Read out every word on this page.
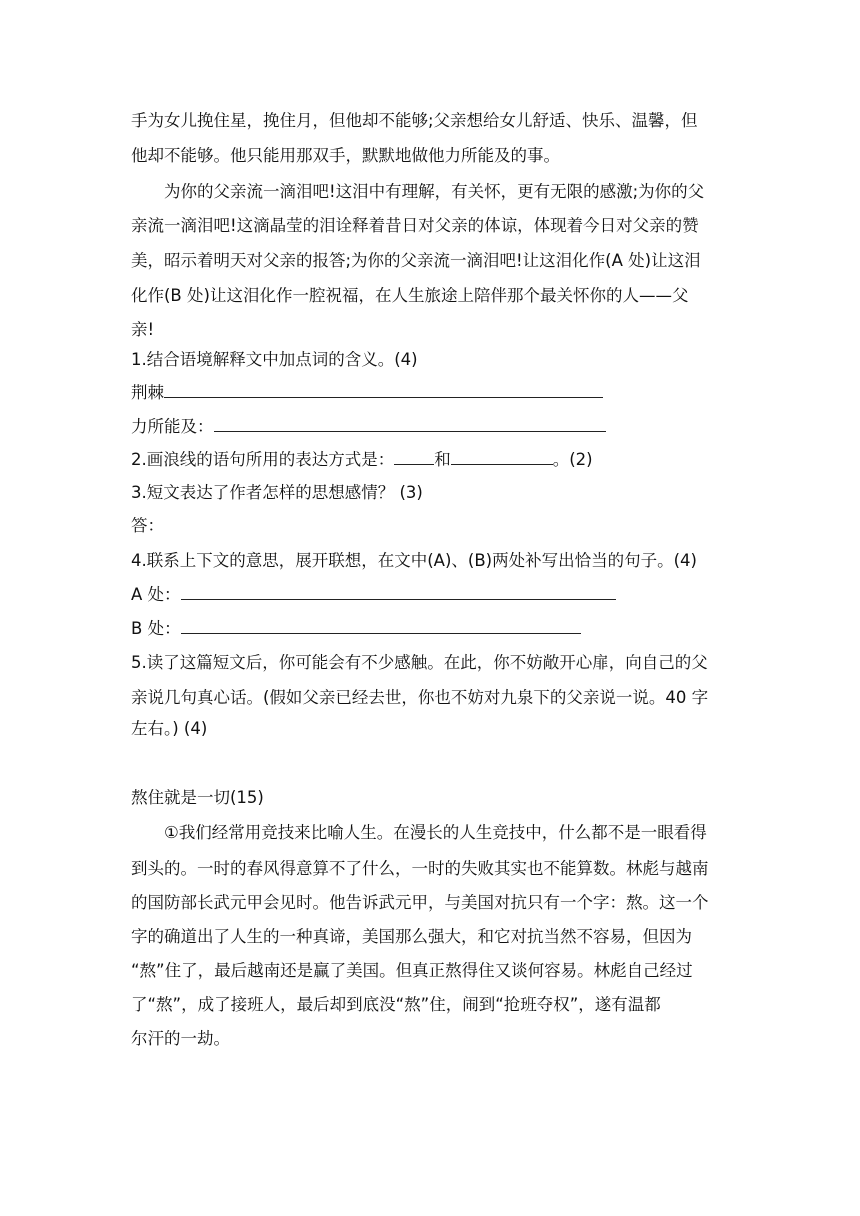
手为女儿挽住星，挽住月，但他却不能够;父亲想给女儿舒适、快乐、温馨，但
他却不能够。他只能用那双手，默默地做他力所能及的事。
为你的父亲流一滴泪吧!这泪中有理解，有关怀，更有无限的感激;为你的父
亲流一滴泪吧!这滴晶莹的泪诠释着昔日对父亲的体谅，体现着今日对父亲的赞
美，昭示着明天对父亲的报答;为你的父亲流一滴泪吧!让这泪化作(A 处)让这泪
化作(B 处)让这泪化作一腔祝福，在人生旅途上陪伴那个最关怀你的人——父
亲!
1.结合语境解释文中加点词的含义。(4)
荆棘
力所能及：
2.画浪线的语句所用的表达方式是： 和	。(2)
3.短文表达了作者怎样的思想感情？ (3)
答：
4.联系上下文的意思，展开联想，在文中(A)、(B)两处补写出恰当的句子。(4)
A 处：
B 处：
5.读了这篇短文后，你可能会有不少感触。在此，你不妨敞开心扉，向自己的父
亲说几句真心话。(假如父亲已经去世，你也不妨对九泉下的父亲说一说。40 字
左右。) (4)
熬住就是一切(15)
①我们经常用竞技来比喻人生。在漫长的人生竞技中，什么都不是一眼看得
到头的。一时的春风得意算不了什么，一时的失败其实也不能算数。林彪与越南
的国防部长武元甲会见时。他告诉武元甲，与美国对抗只有一个字：熬。这一个
字的确道出了人生的一种真谛，美国那么强大，和它对抗当然不容易，但因为
“熬”住了，最后越南还是赢了美国。但真正熬得住又谈何容易。林彪自己经过
了“熬”，成了接班人，最后却到底没“熬”住，闹到“抢班夺权”，遂有温都
尔汗的一劫。
